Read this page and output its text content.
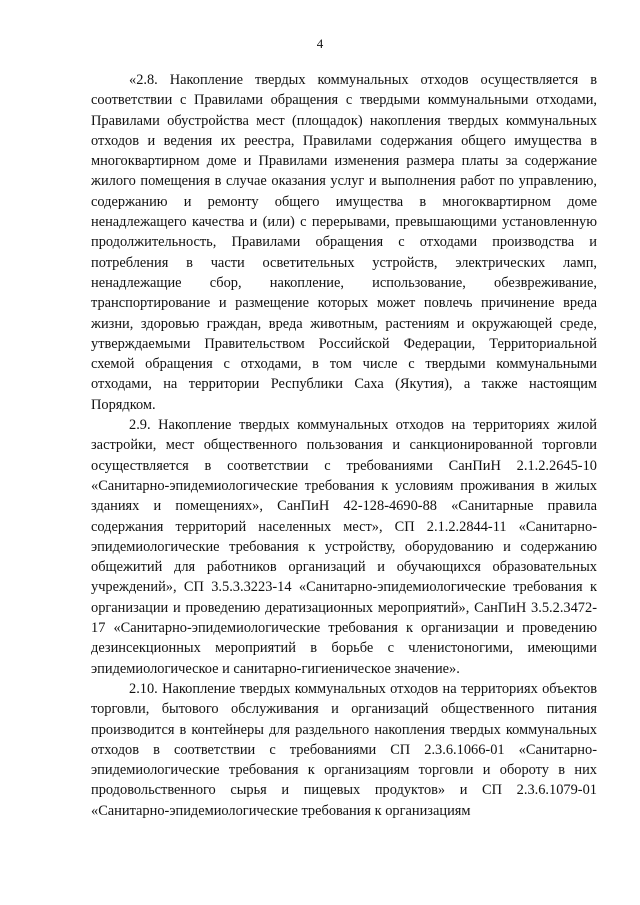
4

«2.8. Накопление твердых коммунальных отходов осуществляется в соответствии с Правилами обращения с твердыми коммунальными отходами, Правилами обустройства мест (площадок) накопления твердых коммунальных отходов и ведения их реестра, Правилами содержания общего имущества в многоквартирном доме и Правилами изменения размера платы за содержание жилого помещения в случае оказания услуг и выполнения работ по управлению, содержанию и ремонту общего имущества в многоквартирном доме ненадлежащего качества и (или) с перерывами, превышающими установленную продолжительность, Правилами обращения с отходами производства и потребления в части осветительных устройств, электрических ламп, ненадлежащие сбор, накопление, использование, обезвреживание, транспортирование и размещение которых может повлечь причинение вреда жизни, здоровью граждан, вреда животным, растениям и окружающей среде, утверждаемыми Правительством Российской Федерации, Территориальной схемой обращения с отходами, в том числе с твердыми коммунальными отходами, на территории Республики Саха (Якутия), а также настоящим Порядком.

2.9. Накопление твердых коммунальных отходов на территориях жилой застройки, мест общественного пользования и санкционированной торговли осуществляется в соответствии с требованиями СанПиН 2.1.2.2645-10 «Санитарно-эпидемиологические требования к условиям проживания в жилых зданиях и помещениях», СанПиН 42-128-4690-88 «Санитарные правила содержания территорий населенных мест», СП 2.1.2.2844-11 «Санитарно-эпидемиологические требования к устройству, оборудованию и содержанию общежитий для работников организаций и обучающихся образовательных учреждений», СП 3.5.3.3223-14 «Санитарно-эпидемиологические требования к организации и проведению дератизационных мероприятий», СанПиН 3.5.2.3472-17 «Санитарно-эпидемиологические требования к организации и проведению дезинсекционных мероприятий в борьбе с членистоногими, имеющими эпидемиологическое и санитарно-гигиеническое значение».

2.10. Накопление твердых коммунальных отходов на территориях объектов торговли, бытового обслуживания и организаций общественного питания производится в контейнеры для раздельного накопления твердых коммунальных отходов в соответствии с требованиями СП 2.3.6.1066-01 «Санитарно-эпидемиологические требования к организациям торговли и обороту в них продовольственного сырья и пищевых продуктов» и СП 2.3.6.1079-01 «Санитарно-эпидемиологические требования к организациям
